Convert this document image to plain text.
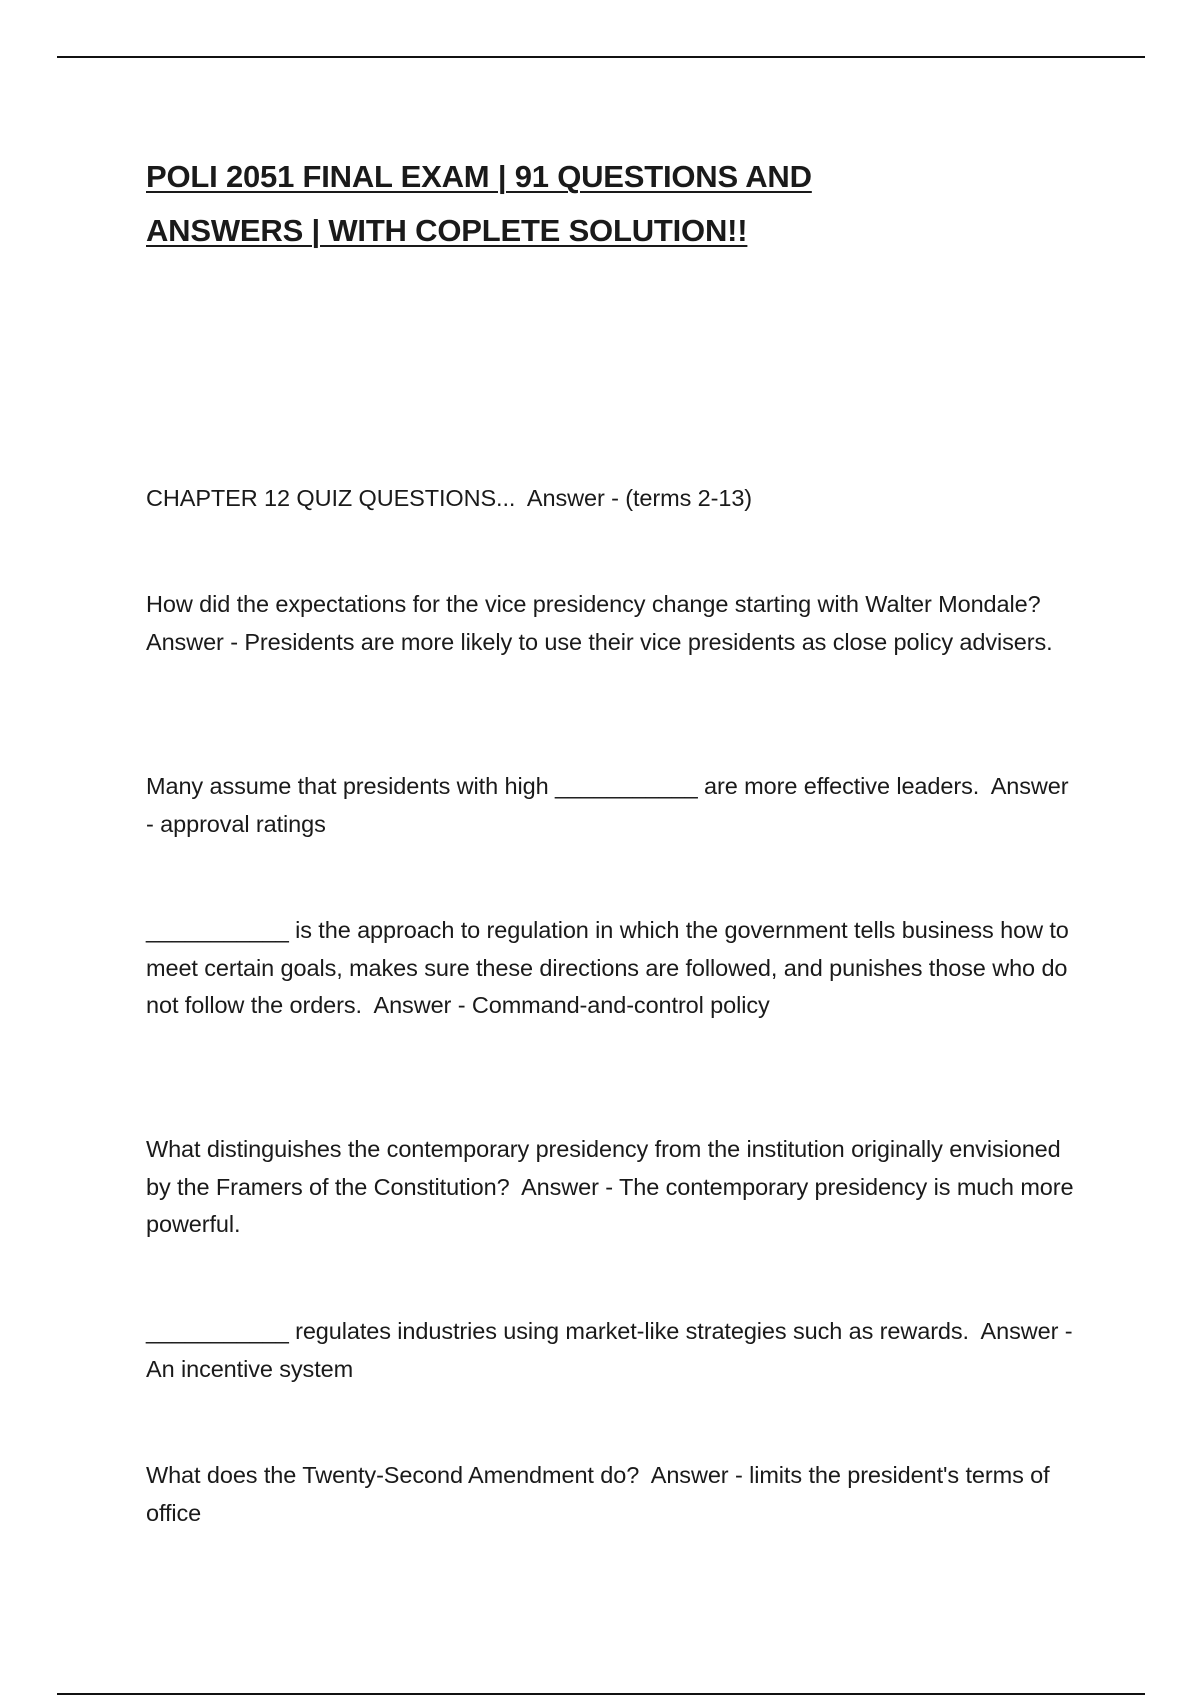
POLI 2051 FINAL EXAM | 91 QUESTIONS AND
ANSWERS | WITH COPLETE SOLUTION!!

CHAPTER 12 QUIZ QUESTIONS...  Answer - (terms 2-13)

How did the expectations for the vice presidency change starting with Walter Mondale?  Answer - Presidents are more likely to use their vice presidents as close policy advisers.

Many assume that presidents with high ___________ are more effective leaders.  Answer - approval ratings

___________ is the approach to regulation in which the government tells business how to meet certain goals, makes sure these directions are followed, and punishes those who do not follow the orders.  Answer - Command-and-control policy

What distinguishes the contemporary presidency from the institution originally envisioned by the Framers of the Constitution?  Answer - The contemporary presidency is much more powerful.

___________ regulates industries using market-like strategies such as rewards.  Answer - An incentive system

What does the Twenty-Second Amendment do?  Answer - limits the president's terms of office
